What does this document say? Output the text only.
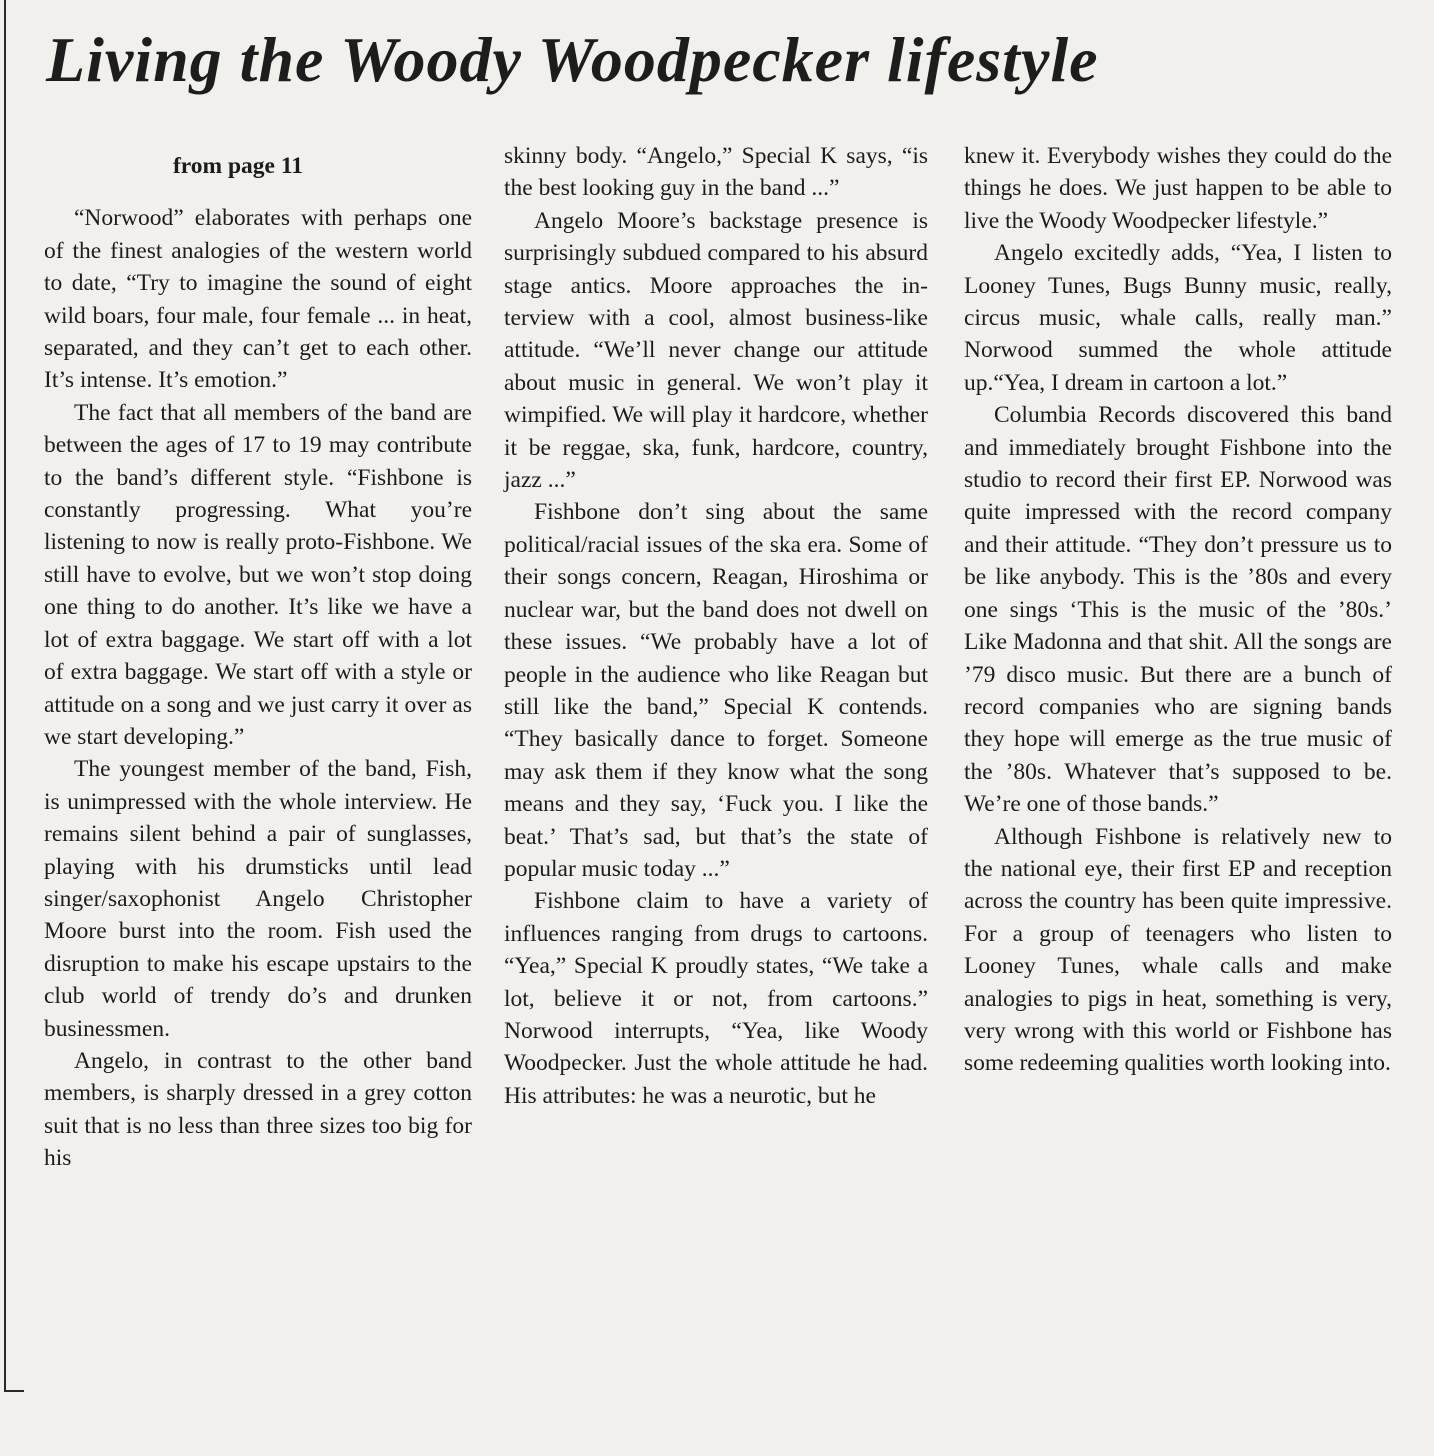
Living the Woody Woodpecker lifestyle
from page 11

“Norwood” elaborates with perhaps one of the finest analogies of the western world to date, “Try to imagine the sound of eight wild boars, four male, four female ... in heat, separated, and they can’t get to each other. It’s intense. It’s emotion.”

The fact that all members of the band are between the ages of 17 to 19 may contribute to the band’s different style. “Fishbone is constantly progressing. What you’re listening to now is really proto-Fishbone. We still have to evolve, but we won’t stop doing one thing to do another. It’s like we have a lot of extra baggage. We start off with a lot of extra baggage. We start off with a style or attitude on a song and we just carry it over as we start developing.”

The youngest member of the band, Fish, is unimpressed with the whole interview. He remains silent behind a pair of sunglasses, playing with his drumsticks until lead singer/saxophonist Angelo Christopher Moore burst into the room. Fish used the disruption to make his escape upstairs to the club world of trendy do’s and drunken businessmen.

Angelo, in contrast to the other band members, is sharply dressed in a grey cotton suit that is no less than three sizes too big for his

skinny body. “Angelo,” Special K says, “is the best looking guy in the band ...”

Angelo Moore’s backstage presence is surprisingly subdued compared to his absurd stage antics. Moore approaches the interview with a cool, almost business-like attitude. “We’ll never change our attitude about music in general. We won’t play it wimpified. We will play it hardcore, whether it be reggae, ska, funk, hardcore, country, jazz ...”

Fishbone don’t sing about the same political/racial issues of the ska era. Some of their songs concern, Reagan, Hiroshima or nuclear war, but the band does not dwell on these issues. “We probably have a lot of people in the audience who like Reagan but still like the band,” Special K contends. “They basically dance to forget. Someone may ask them if they know what the song means and they say, ‘Fuck you. I like the beat.’ That’s sad, but that’s the state of popular music today ...”

Fishbone claim to have a variety of influences ranging from drugs to cartoons. “Yea,” Special K proudly states, “We take a lot, believe it or not, from cartoons.” Norwood interrupts, “Yea, like Woody Woodpecker. Just the whole attitude he had. His attributes: he was a neurotic, but he

knew it. Everybody wishes they could do the things he does. We just happen to be able to live the Woody Woodpecker lifestyle.”

Angelo excitedly adds, “Yea, I listen to Looney Tunes, Bugs Bunny music, really, circus music, whale calls, really man.” Norwood summed the whole attitude up.“Yea, I dream in cartoon a lot.”

Columbia Records discovered this band and immediately brought Fishbone into the studio to record their first EP. Norwood was quite impressed with the record company and their attitude. “They don’t pressure us to be like anybody. This is the ’80s and every one sings ‘This is the music of the ’80s.’ Like Madonna and that shit. All the songs are ’79 disco music. But there are a bunch of record companies who are signing bands they hope will emerge as the true music of the ’80s. Whatever that’s supposed to be. We’re one of those bands.”

Although Fishbone is relatively new to the national eye, their first EP and reception across the country has been quite impressive. For a group of teenagers who listen to Looney Tunes, whale calls and make analogies to pigs in heat, something is very, very wrong with this world or Fishbone has some redeeming qualities worth looking into.
